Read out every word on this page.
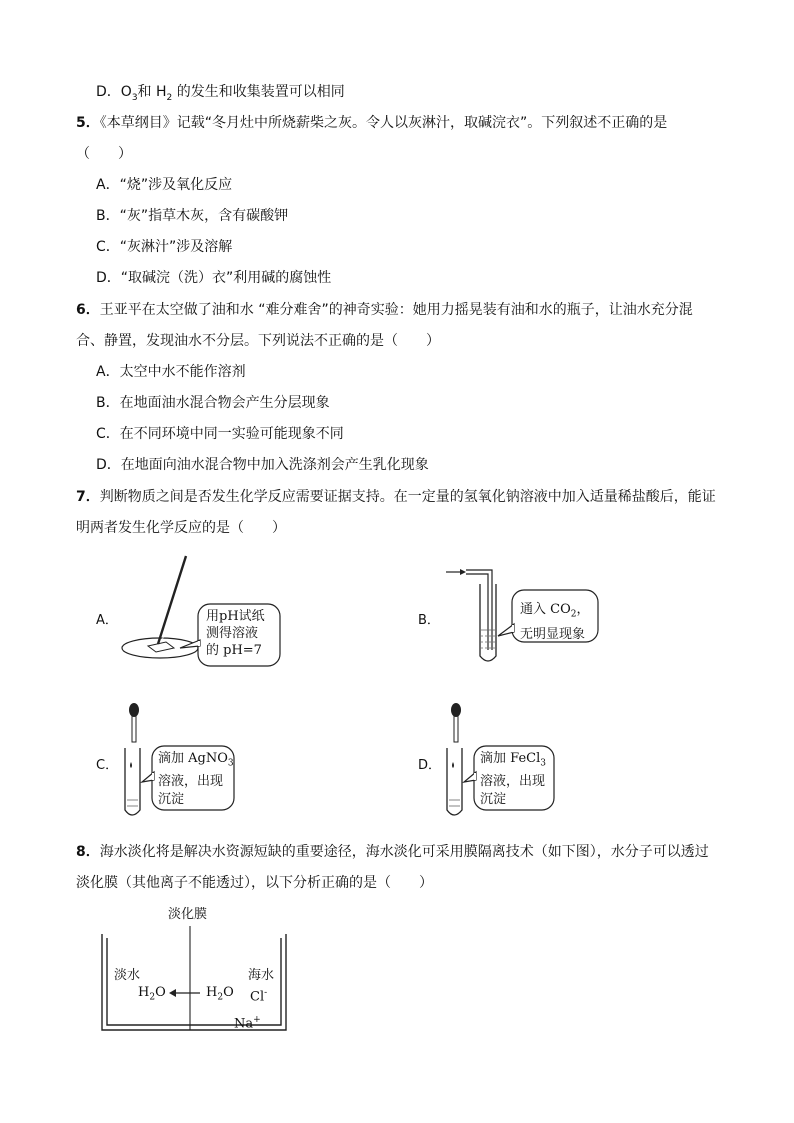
D．$O_3$和 $H_2$ 的发生和收集装置可以相同
5．《本草纲目》记载“冬月灶中所烧薪柴之灰。令人以灰淋汁，取碱浣衣”。下列叙述不正确的是
（　　）
A．“烧”涉及氧化反应
B．“灰”指草木灰，含有碳酸钾
C．“灰淋汁”涉及溶解
D．“取碱浣（洗）衣”利用碱的腐蚀性
6．王亚平在太空做了油和水 “难分难舍”的神奇实验：她用力摇晃装有油和水的瓶子，让油水充分混
合、静置，发现油水不分层。下列说法不正确的是（　　）
A．太空中水不能作溶剂
B．在地面油水混合物会产生分层现象
C．在不同环境中同一实验可能现象不同
D．在地面向油水混合物中加入洗涤剂会产生乳化现象
7．判断物质之间是否发生化学反应需要证据支持。在一定量的氢氧化钠溶液中加入适量稀盐酸后，能证
明两者发生化学反应的是（　　）
A．	用pH试纸
测得溶液
的 pH=7
B．
通入 $CO_2$，
无明显现象
C．	滴加 AgNO$_3$
溶液，出现
沉淀
D．	滴加 FeCl$_3$
溶液，出现
沉淀
8．海水淡化将是解决水资源短缺的重要途径，海水淡化可采用膜隔离技术（如下图），水分子可以透过
淡化膜（其他离子不能透过），以下分析正确的是（　　）
淡化膜
淡水	海水
$H_2O$	$H_2O$ Cl-
Na+
